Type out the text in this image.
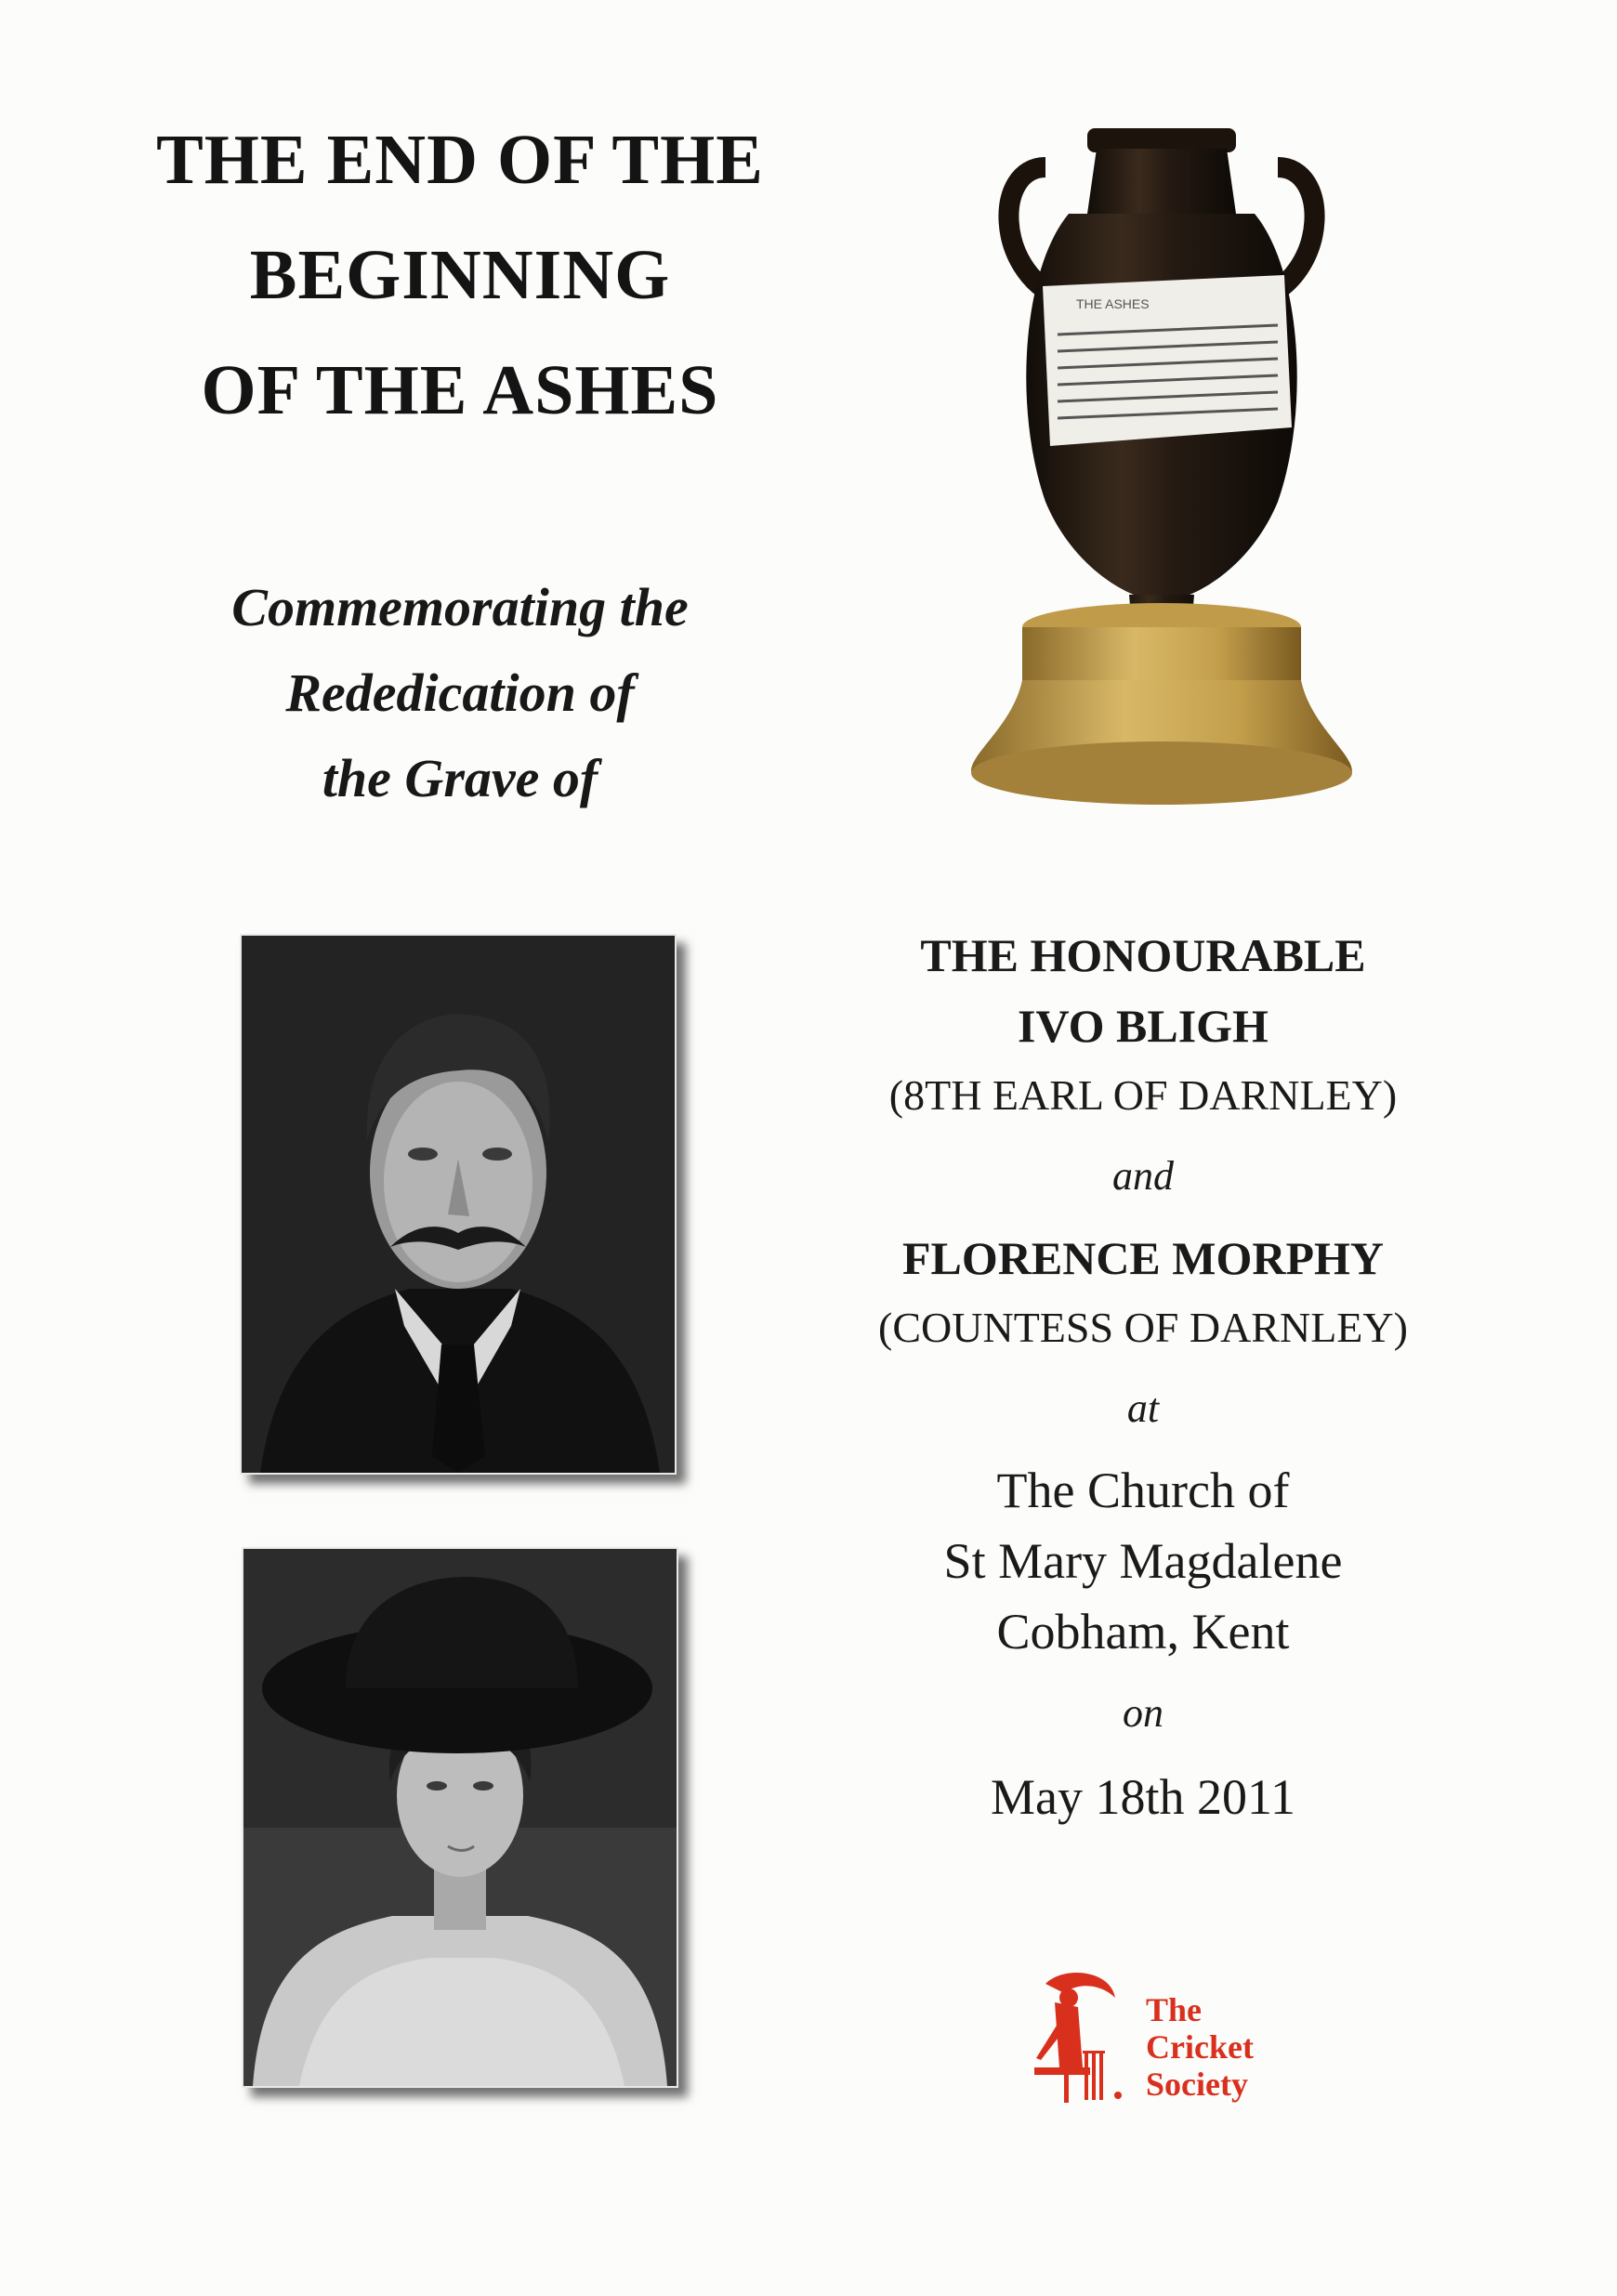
THE END OF THE
BEGINNING
OF THE ASHES
Commemorating the
Rededication of
the Grave of
THE ASHES
THE HONOURABLE
IVO BLIGH
(8TH EARL OF DARNLEY)
and
FLORENCE MORPHY
(COUNTESS OF DARNLEY)
at
The Church of
St Mary Magdalene
Cobham, Kent
on
May 18th 2011
The
Cricket
Society
